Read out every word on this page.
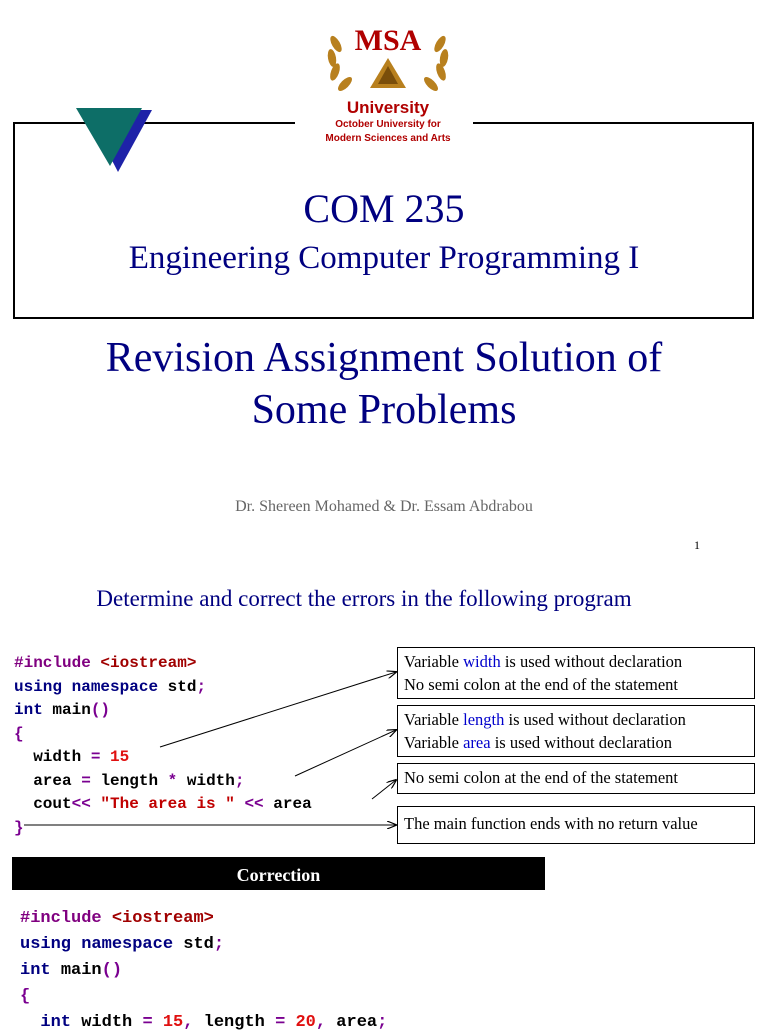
COM 235
Engineering Computer Programming I
Revision Assignment Solution of
Some Problems
Dr. Shereen Mohamed & Dr. Essam Abdrabou
1
Determine and correct the errors in the following program
#include <iostream>
using namespace std;
int main()
{
width = 15
area = length * width;
cout<< "The area is " << area
}
Variable width is used without declaration
No semi colon at the end of the statement
Variable length is used without declaration
Variable area is used without declaration
No semi colon at the end of the statement
The main function ends with no return value
Correction
#include <iostream>
using namespace std;
int main()
{
int width = 15, length = 20, area;
MSA
University
October University for
Modern Sciences and Arts
